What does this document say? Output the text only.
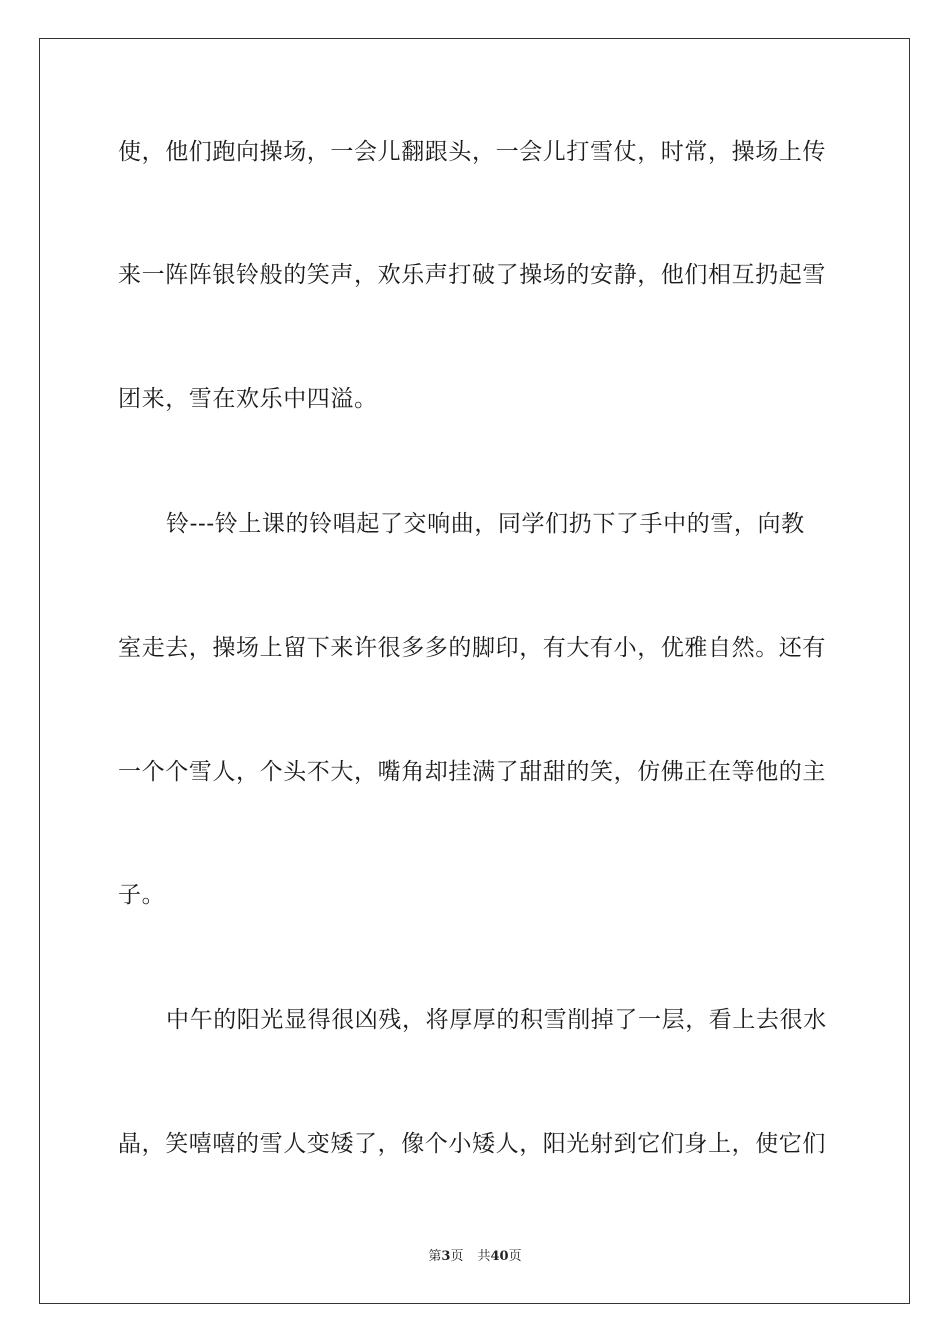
使，他们跑向操场，一会儿翻跟头，一会儿打雪仗，时常，操场上传
来一阵阵银铃般的笑声，欢乐声打破了操场的安静，他们相互扔起雪
团来，雪在欢乐中四溢。
铃---铃上课的铃唱起了交响曲，同学们扔下了手中的雪，向教
室走去，操场上留下来许很多多的脚印，有大有小，优雅自然。还有
一个个雪人，个头不大，嘴角却挂满了甜甜的笑，仿佛正在等他的主
子。
中午的阳光显得很凶残，将厚厚的积雪削掉了一层，看上去很水
晶，笑嘻嘻的雪人变矮了，像个小矮人，阳光射到它们身上，使它们
第3页 共40页
